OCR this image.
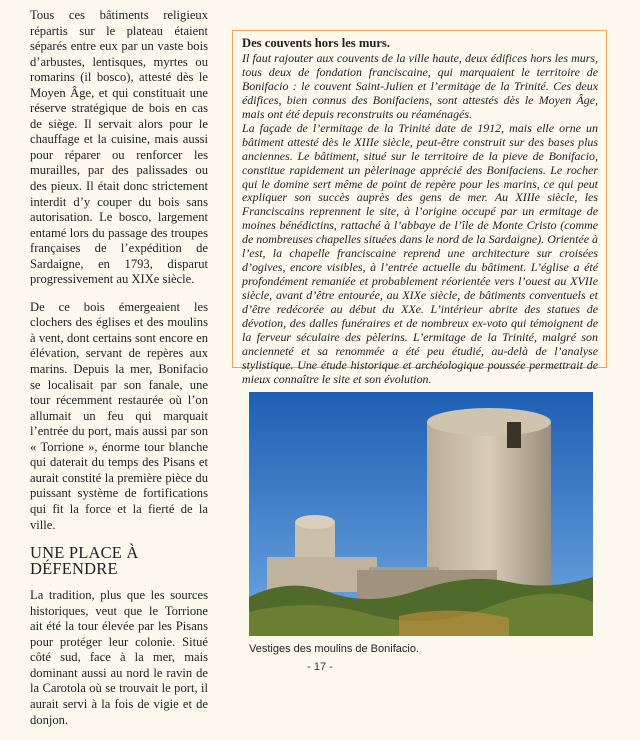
Tous ces bâtiments religieux répartis sur le plateau étaient séparés entre eux par un vaste bois d’arbustes, lentisques, myrtes ou romarins (il bosco), attesté dès le Moyen Âge, et qui constituait une réserve stratégique de bois en cas de siège. Il servait alors pour le chauffage et la cuisine, mais aussi pour réparer ou renforcer les murailles, par des palissades ou des pieux. Il était donc strictement interdit d’y couper du bois sans autorisation. Le bosco, largement entamé lors du passage des troupes françaises de l’expédition de Sardaigne, en 1793, disparut progressivement au XIXe siècle.

De ce bois émergeaient les clochers des églises et des moulins à vent, dont certains sont encore en élévation, servant de repères aux marins. Depuis la mer, Bonifacio se localisait par son fanale, une tour récemment restaurée où l’on allumait un feu qui marquait l’entrée du port, mais aussi par son « Torrione », énorme tour blanche qui daterait du temps des Pisans et aurait constité la première pièce du puissant système de fortifications qui fit la force et la fierté de la ville.

UNE PLACE À DÉFENDRE

La tradition, plus que les sources historiques, veut que le Torrione ait été la tour élevée par les Pisans pour protéger leur colonie. Situé côté sud, face à la mer, mais dominant aussi au nord le ravin de la Carotola où se trouvait le port, il aurait servi à la fois de vigie et de donjon.

Des couvents hors les murs.

Il faut rajouter aux couvents de la ville haute, deux édifices hors les murs, tous deux de fondation franciscaine, qui marquaient le territoire de Bonifacio : le couvent Saint-Julien et l’ermitage de la Trinité. Ces deux édifices, bien connus des Bonifaciens, sont attestés dès le Moyen Âge, mais ont été depuis reconstruits ou réaménagés.

La façade de l’ermitage de la Trinité date de 1912, mais elle orne un bâtiment attesté dès le XIIIe siècle, peut-être construit sur des bases plus anciennes. Le bâtiment, situé sur le territoire de la pieve de Bonifacio, constitue rapidement un pèlerinage apprécié des Bonifaciens. Le rocher qui le domine sert même de point de repère pour les marins, ce qui peut expliquer son succès auprès des gens de mer. Au XIIIe siècle, les Franciscains reprennent le site, à l’origine occupé par un ermitage de moines bénédictins, rattaché à l’abbaye de l’île de Monte Cristo (comme de nombreuses chapelles situées dans le nord de la Sardaigne). Orientée à l’est, la chapelle franciscaine reprend une architecture sur croisées d’ogives, encore visibles, à l’entrée actuelle du bâtiment. L’église a été profondément remaniée et probablement réorientée vers l’ouest au XVIIe siècle, avant d’être entourée, au XIXe siècle, de bâtiments conventuels et d’être redécorée au début du XXe. L’intérieur abrite des statues de dévotion, des dalles funéraires et de nombreux ex-voto qui témoignent de la ferveur séculaire des pèlerins. L’ermitage de la Trinité, malgré son ancienneté et sa renommée a été peu étudié, au-delà de l’analyse stylistique. Une étude historique et archéologique poussée permettrait de mieux connaître le site et son évolution.

Vestiges des moulins de Bonifacio.
- 17 -
